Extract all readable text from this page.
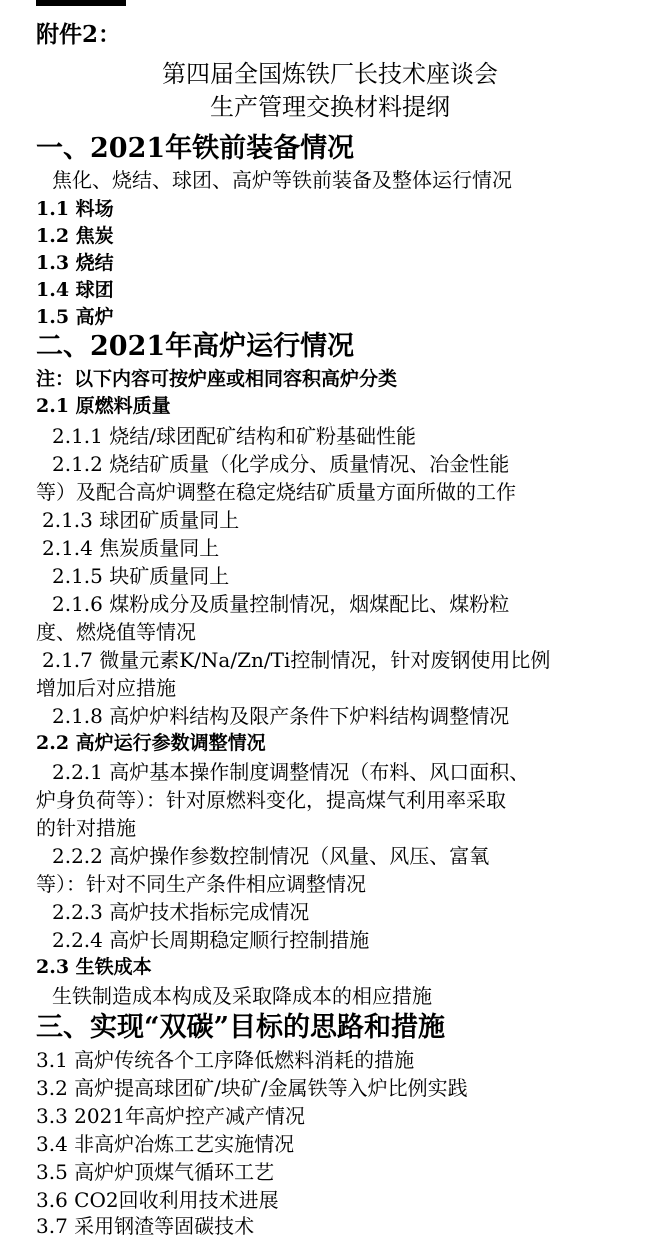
附件2：
第四届全国炼铁厂长技术座谈会
生产管理交换材料提纲
一、2021年铁前装备情况
焦化、烧结、球团、高炉等铁前装备及整体运行情况
1.1 料场
1.2 焦炭
1.3 烧结
1.4 球团
1.5 高炉
二、2021年高炉运行情况
注：以下内容可按炉座或相同容积高炉分类
2.1 原燃料质量
2.1.1 烧结/球团配矿结构和矿粉基础性能
2.1.2 烧结矿质量（化学成分、质量情况、冶金性能
等）及配合高炉调整在稳定烧结矿质量方面所做的工作
2.1.3 球团矿质量同上
2.1.4 焦炭质量同上
2.1.5 块矿质量同上
2.1.6 煤粉成分及质量控制情况，烟煤配比、煤粉粒
度、燃烧值等情况
2.1.7 微量元素K/Na/Zn/Ti控制情况，针对废钢使用比例
增加后对应措施
2.1.8 高炉炉料结构及限产条件下炉料结构调整情况
2.2 高炉运行参数调整情况
2.2.1 高炉基本操作制度调整情况（布料、风口面积、
炉身负荷等）：针对原燃料变化，提高煤气利用率采取
的针对措施
2.2.2 高炉操作参数控制情况（风量、风压、富氧
等）：针对不同生产条件相应调整情况
2.2.3 高炉技术指标完成情况
2.2.4 高炉长周期稳定顺行控制措施
2.3 生铁成本
生铁制造成本构成及采取降成本的相应措施
三、实现“双碳”目标的思路和措施
3.1 高炉传统各个工序降低燃料消耗的措施
3.2 高炉提高球团矿/块矿/金属铁等入炉比例实践
3.3 2021年高炉控产减产情况
3.4 非高炉冶炼工艺实施情况
3.5 高炉炉顶煤气循环工艺
3.6 CO2回收利用技术进展
3.7 采用钢渣等固碳技术
